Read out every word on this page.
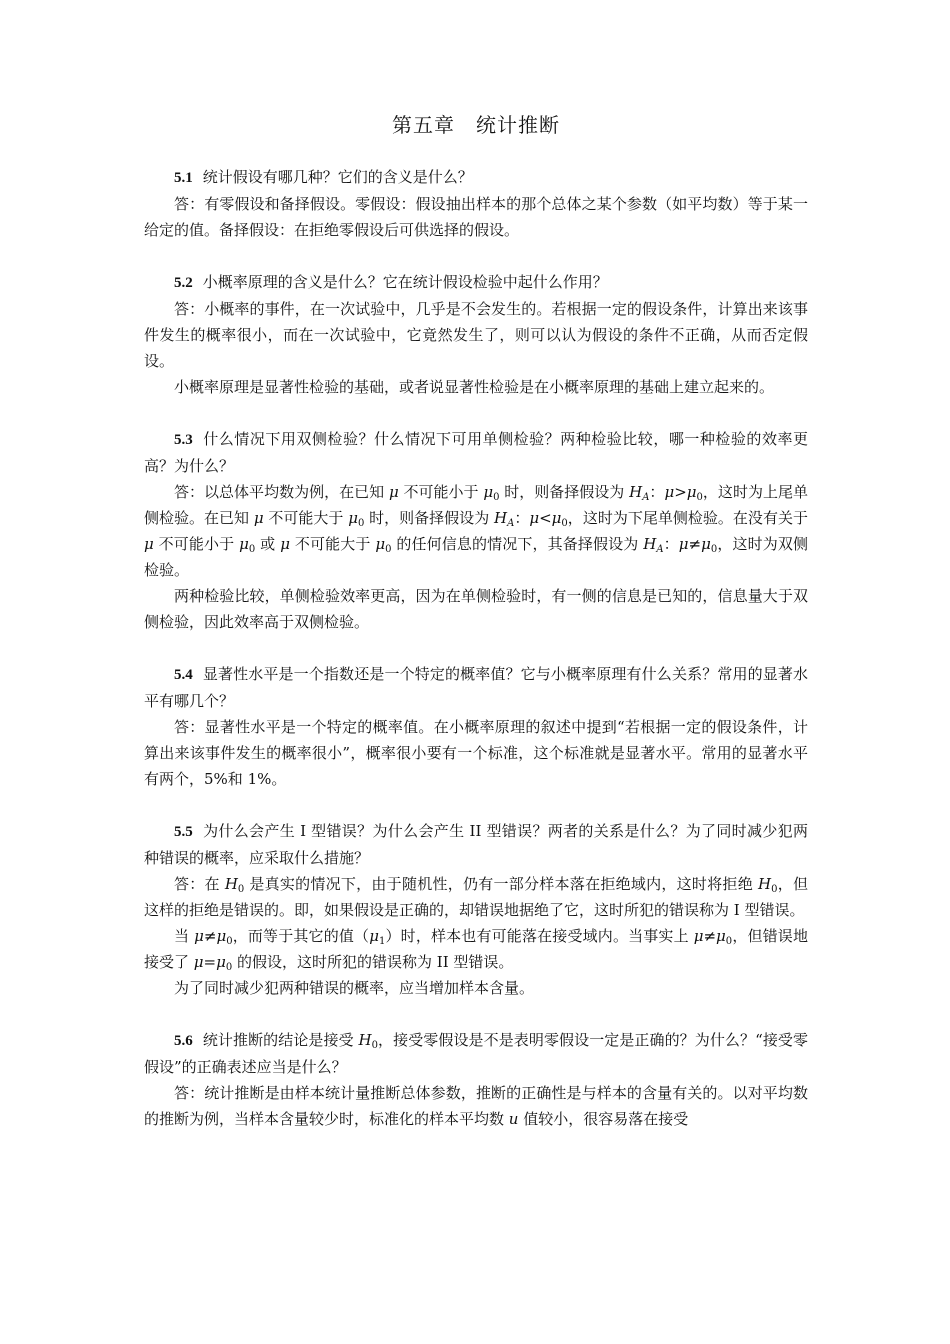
第五章　统计推断

5.1 统计假设有哪几种？它们的含义是什么？

答：有零假设和备择假设。零假设：假设抽出样本的那个总体之某个参数（如平均数）等于某一给定的值。备择假设：在拒绝零假设后可供选择的假设。

5.2 小概率原理的含义是什么？它在统计假设检验中起什么作用？

答：小概率的事件，在一次试验中，几乎是不会发生的。若根据一定的假设条件，计算出来该事件发生的概率很小，而在一次试验中，它竟然发生了，则可以认为假设的条件不正确，从而否定假设。

小概率原理是显著性检验的基础，或者说显著性检验是在小概率原理的基础上建立起来的。

5.3 什么情况下用双侧检验？什么情况下可用单侧检验？两种检验比较，哪一种检验的效率更高？为什么？

答：以总体平均数为例，在已知 μ 不可能小于 $\mu_0$ 时，则备择假设为 $H_A$：$\mu>\mu_0$，这时为上尾单侧检验。在已知 μ 不可能大于 $\mu_0$ 时，则备择假设为 $H_A$：$\mu<\mu_0$，这时为下尾单侧检验。在没有关于 μ 不可能小于 $\mu_0$ 或 μ 不可能大于 $\mu_0$ 的任何信息的情况下，其备择假设为 $H_A$：$\mu\ne\mu_0$，这时为双侧检验。

两种检验比较，单侧检验效率更高，因为在单侧检验时，有一侧的信息是已知的，信息量大于双侧检验，因此效率高于双侧检验。

5.4 显著性水平是一个指数还是一个特定的概率值？它与小概率原理有什么关系？常用的显著水平有哪几个？

答：显著性水平是一个特定的概率值。在小概率原理的叙述中提到“若根据一定的假设条件，计算出来该事件发生的概率很小”，概率很小要有一个标准，这个标准就是显著水平。常用的显著水平有两个，5%和 1%。

5.5 为什么会产生 I 型错误？为什么会产生 II 型错误？两者的关系是什么？为了同时减少犯两种错误的概率，应采取什么措施？

答：在 $H_0$ 是真实的情况下，由于随机性，仍有一部分样本落在拒绝域内，这时将拒绝 $H_0$，但这样的拒绝是错误的。即，如果假设是正确的，却错误地据绝了它，这时所犯的错误称为 I 型错误。

当 $\mu\ne\mu_0$，而等于其它的值$(\mu_1)$时，样本也有可能落在接受域内。当事实上 $\mu\ne\mu_0$，但错误地接受了 $\mu=\mu_0$ 的假设，这时所犯的错误称为 II 型错误。

为了同时减少犯两种错误的概率，应当增加样本含量。

5.6 统计推断的结论是接受 $H_0$，接受零假设是不是表明零假设一定是正确的？为什么？“接受零假设”的正确表述应当是什么？

答：统计推断是由样本统计量推断总体参数，推断的正确性是与样本的含量有关的。以对平均数的推断为例，当样本含量较少时，标准化的样本平均数 u 值较小，很容易落在接受
